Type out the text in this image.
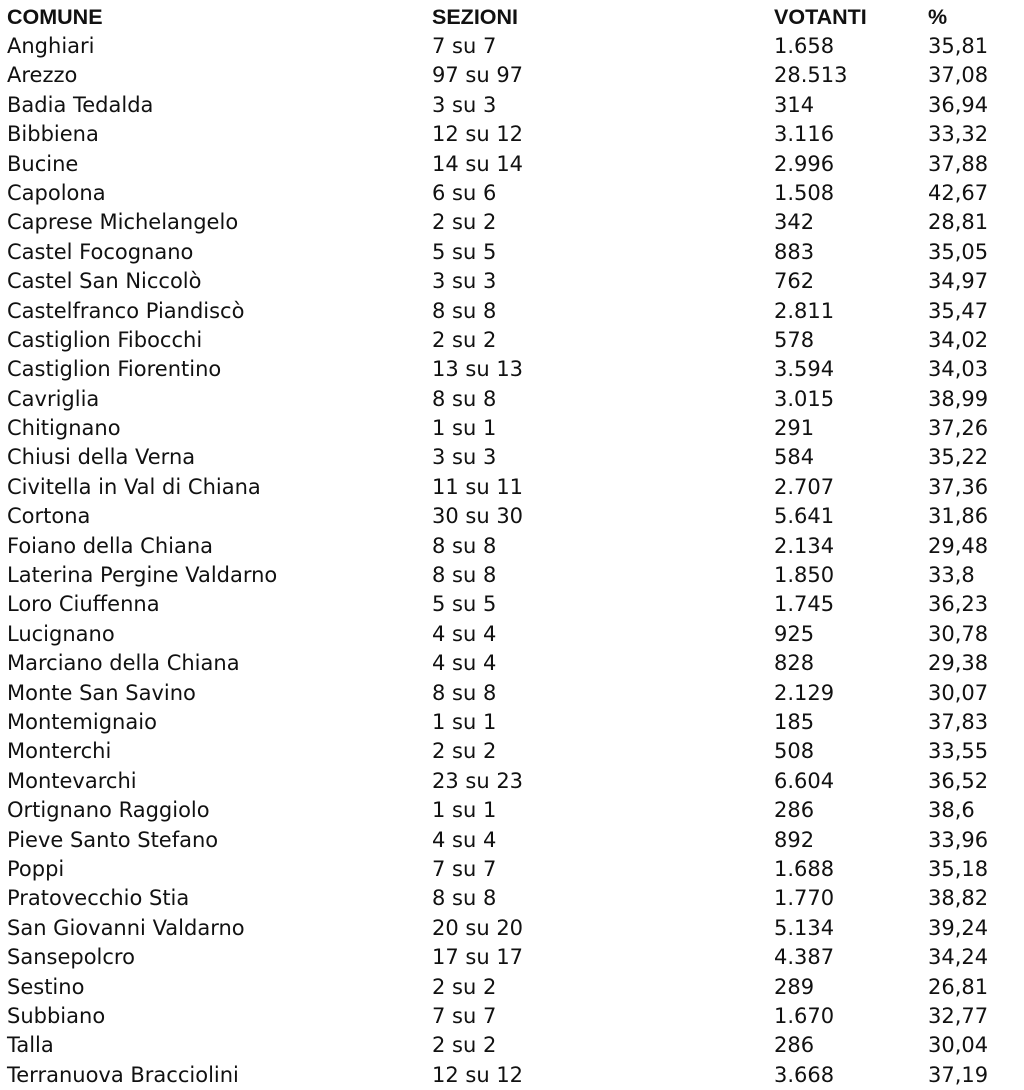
COMUNE	SEZIONI	VOTANTI	%
Anghiari	7 su 7	1.658	35,81
Arezzo	97 su 97	28.513	37,08
Badia Tedalda	3 su 3	314	36,94
Bibbiena	12 su 12	3.116	33,32
Bucine	14 su 14	2.996	37,88
Capolona	6 su 6	1.508	42,67
Caprese Michelangelo	2 su 2	342	28,81
Castel Focognano	5 su 5	883	35,05
Castel San Niccolò	3 su 3	762	34,97
Castelfranco Piandiscò	8 su 8	2.811	35,47
Castiglion Fibocchi	2 su 2	578	34,02
Castiglion Fiorentino	13 su 13	3.594	34,03
Cavriglia	8 su 8	3.015	38,99
Chitignano	1 su 1	291	37,26
Chiusi della Verna	3 su 3	584	35,22
Civitella in Val di Chiana	11 su 11	2.707	37,36
Cortona	30 su 30	5.641	31,86
Foiano della Chiana	8 su 8	2.134	29,48
Laterina Pergine Valdarno	8 su 8	1.850	33,8
Loro Ciuffenna	5 su 5	1.745	36,23
Lucignano	4 su 4	925	30,78
Marciano della Chiana	4 su 4	828	29,38
Monte San Savino	8 su 8	2.129	30,07
Montemignaio	1 su 1	185	37,83
Monterchi	2 su 2	508	33,55
Montevarchi	23 su 23	6.604	36,52
Ortignano Raggiolo	1 su 1	286	38,6
Pieve Santo Stefano	4 su 4	892	33,96
Poppi	7 su 7	1.688	35,18
Pratovecchio Stia	8 su 8	1.770	38,82
San Giovanni Valdarno	20 su 20	5.134	39,24
Sansepolcro	17 su 17	4.387	34,24
Sestino	2 su 2	289	26,81
Subbiano	7 su 7	1.670	32,77
Talla	2 su 2	286	30,04
Terranuova Bracciolini	12 su 12	3.668	37,19
